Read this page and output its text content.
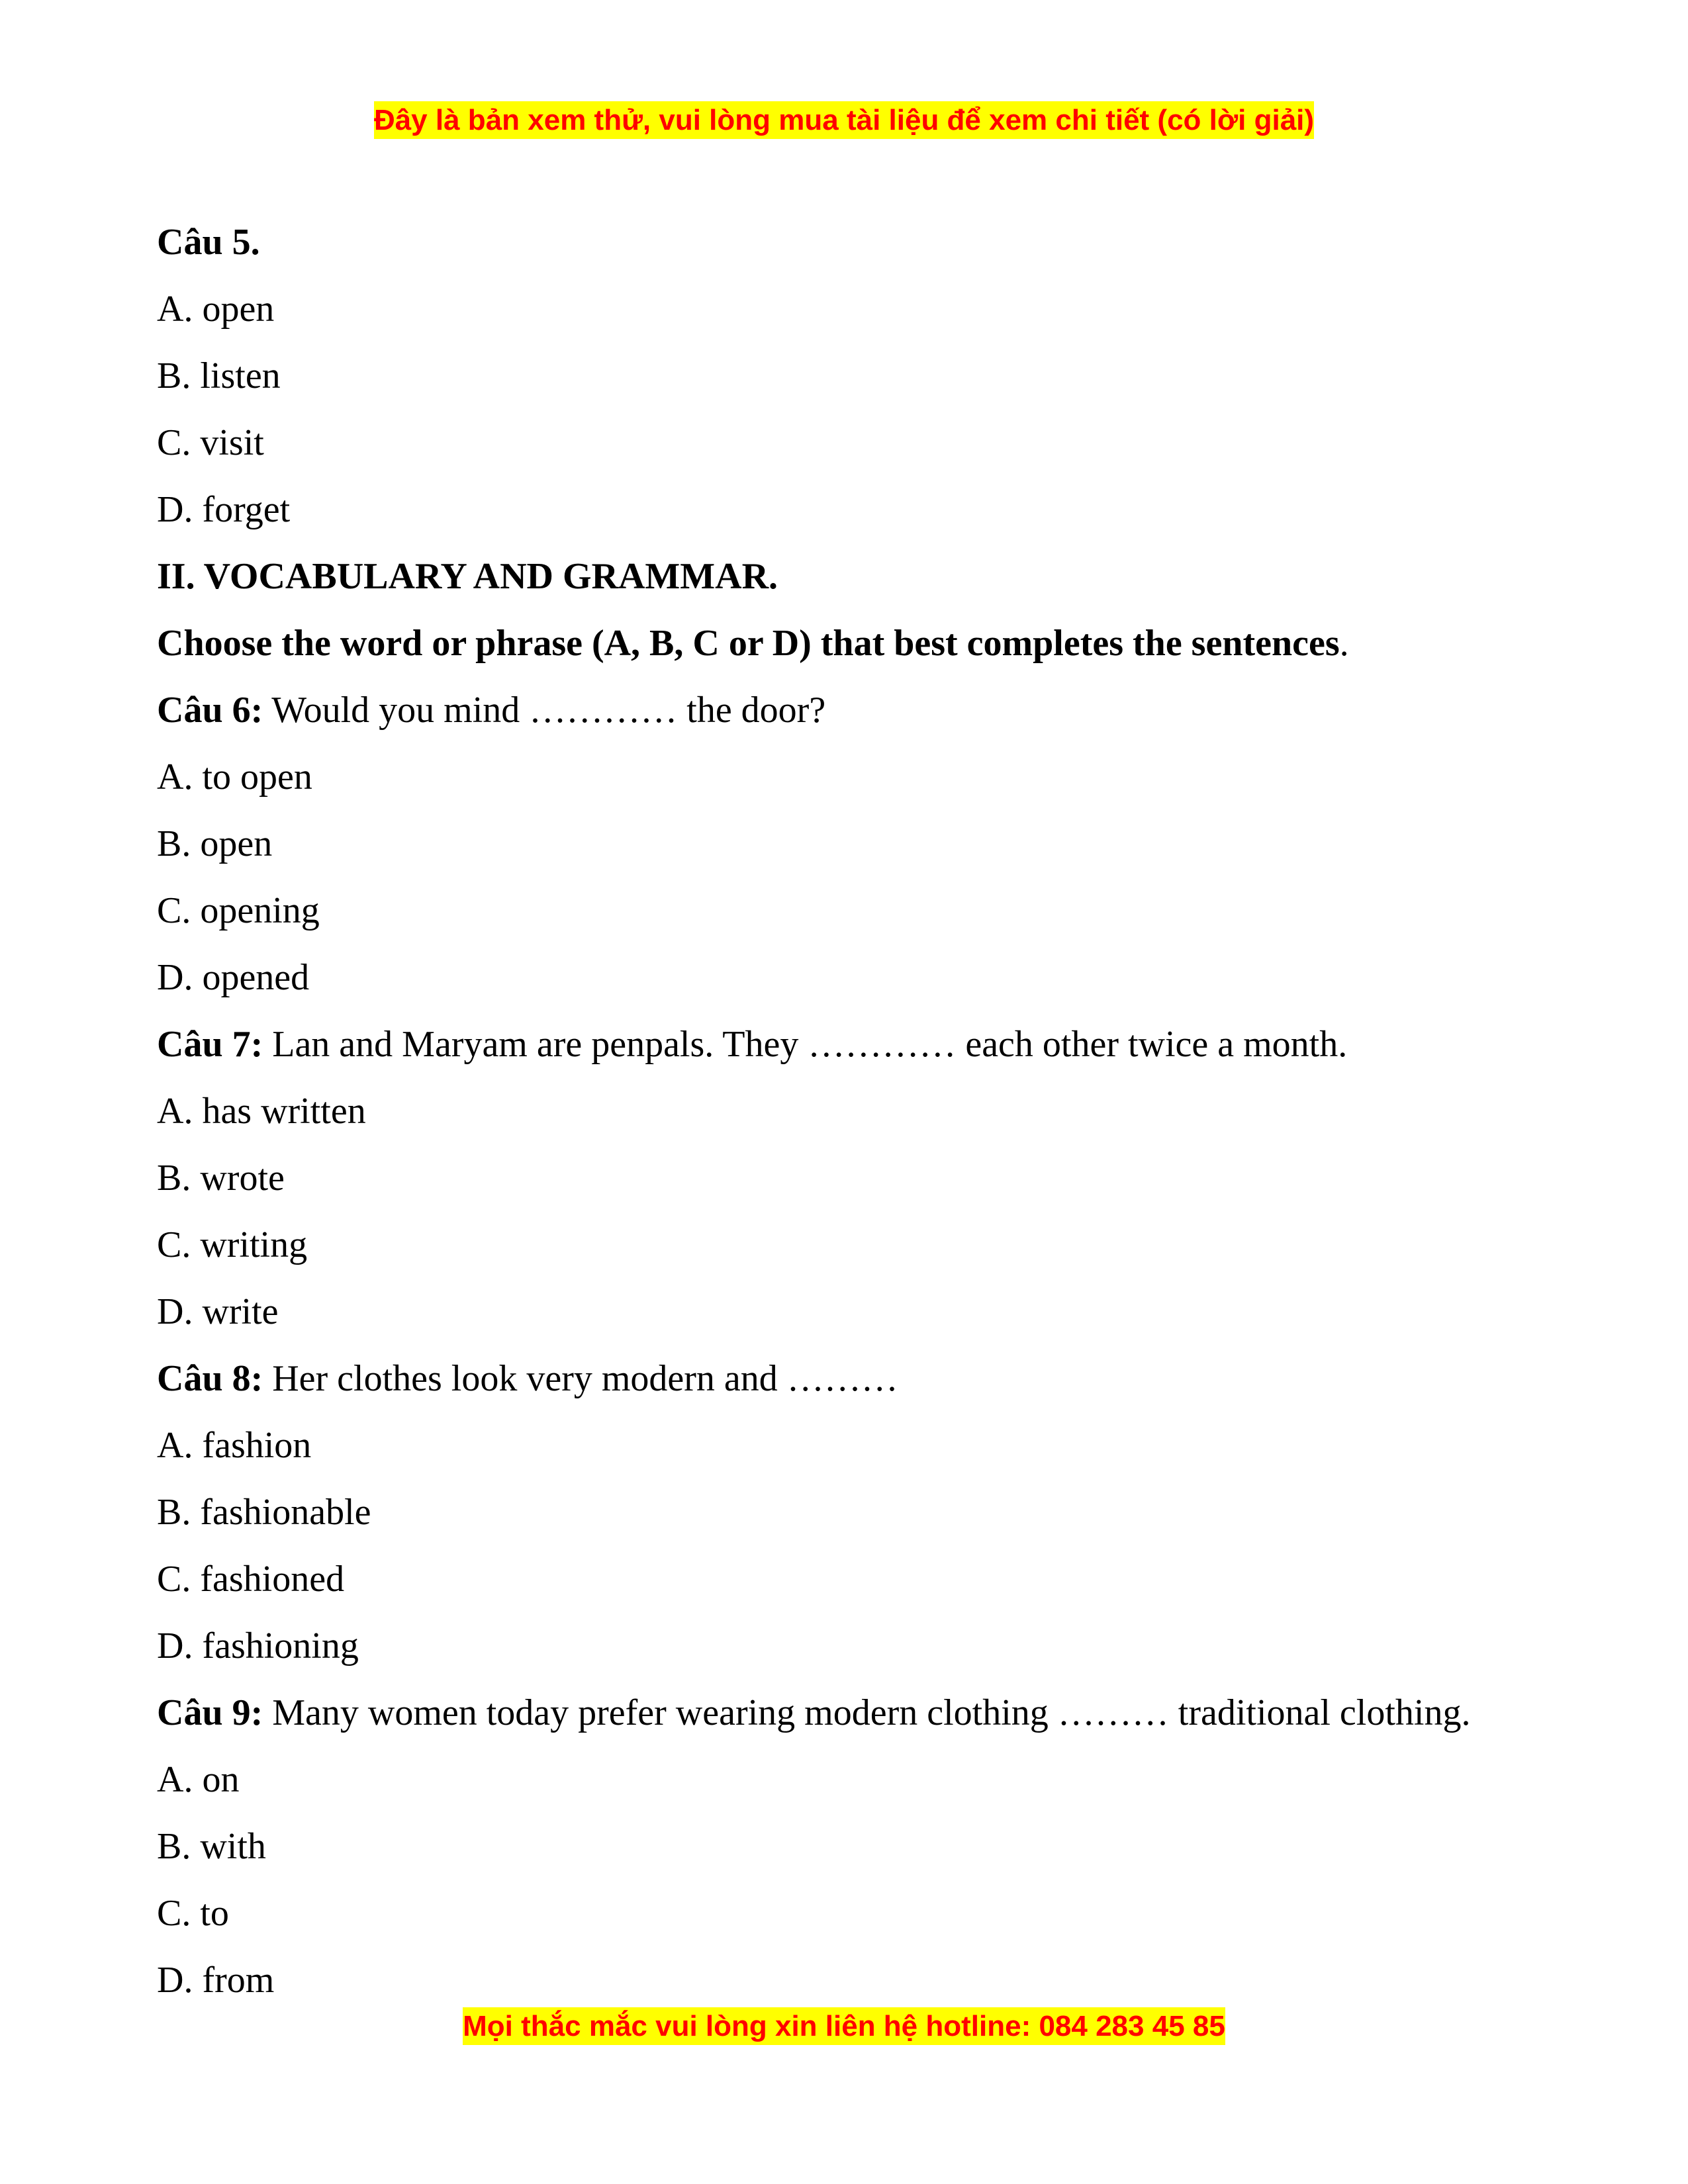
Đây là bản xem thử, vui lòng mua tài liệu để xem chi tiết (có lời giải)
Câu 5.
A. open
B. listen
C. visit
D. forget
II. VOCABULARY AND GRAMMAR.
Choose the word or phrase (A, B, C or D) that best completes the sentences.
Câu 6: Would you mind ………… the door?
A. to open
B. open
C. opening
D. opened
Câu 7: Lan and Maryam are penpals. They ………… each other twice a month.
A. has written
B. wrote
C. writing
D. write
Câu 8: Her clothes look very modern and ………
A. fashion
B. fashionable
C. fashioned
D. fashioning
Câu 9: Many women today prefer wearing modern clothing ……… traditional clothing.
A. on
B. with
C. to
D. from
Mọi thắc mắc vui lòng xin liên hệ hotline: 084 283 45 85
